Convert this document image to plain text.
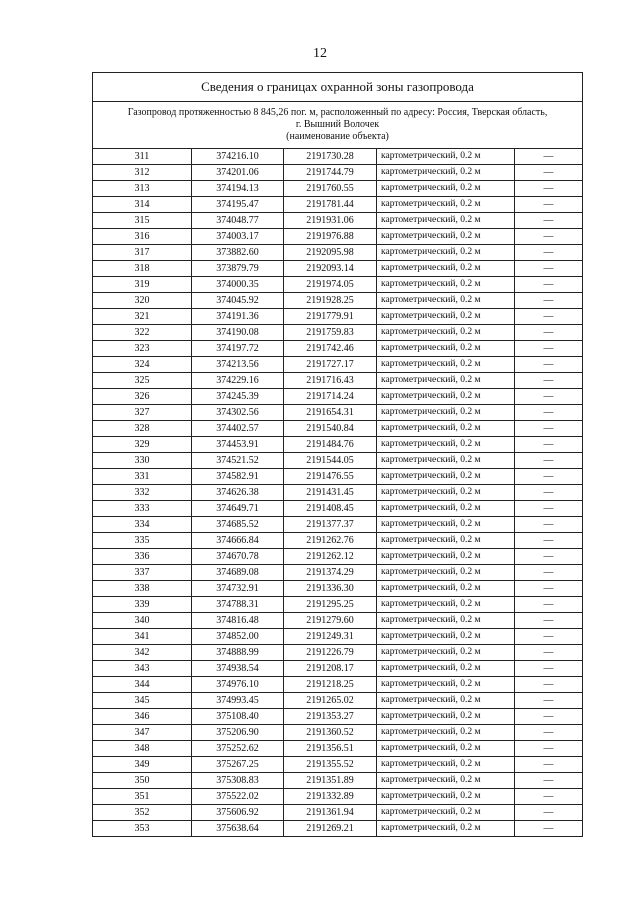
12
Сведения о границах охранной зоны газопровода				

Газопровод протяженностью 8 845,26 пог. м, расположенный по адресу: Россия, Тверская область,
г. Вышний Волочек
(наименование объекта)				

311	374216.10	2191730.28	картометрический, 0.2 м	—
312	374201.06	2191744.79	картометрический, 0.2 м	—
313	374194.13	2191760.55	картометрический, 0.2 м	—
314	374195.47	2191781.44	картометрический, 0.2 м	—
315	374048.77	2191931.06	картометрический, 0.2 м	—
316	374003.17	2191976.88	картометрический, 0.2 м	—
317	373882.60	2192095.98	картометрический, 0.2 м	—
318	373879.79	2192093.14	картометрический, 0.2 м	—
319	374000.35	2191974.05	картометрический, 0.2 м	—
320	374045.92	2191928.25	картометрический, 0.2 м	—
321	374191.36	2191779.91	картометрический, 0.2 м	—
322	374190.08	2191759.83	картометрический, 0.2 м	—
323	374197.72	2191742.46	картометрический, 0.2 м	—
324	374213.56	2191727.17	картометрический, 0.2 м	—
325	374229.16	2191716.43	картометрический, 0.2 м	—
326	374245.39	2191714.24	картометрический, 0.2 м	—
327	374302.56	2191654.31	картометрический, 0.2 м	—
328	374402.57	2191540.84	картометрический, 0.2 м	—
329	374453.91	2191484.76	картометрический, 0.2 м	—
330	374521.52	2191544.05	картометрический, 0.2 м	—
331	374582.91	2191476.55	картометрический, 0.2 м	—
332	374626.38	2191431.45	картометрический, 0.2 м	—
333	374649.71	2191408.45	картометрический, 0.2 м	—
334	374685.52	2191377.37	картометрический, 0.2 м	—
335	374666.84	2191262.76	картометрический, 0.2 м	—
336	374670.78	2191262.12	картометрический, 0.2 м	—
337	374689.08	2191374.29	картометрический, 0.2 м	—
338	374732.91	2191336.30	картометрический, 0.2 м	—
339	374788.31	2191295.25	картометрический, 0.2 м	—
340	374816.48	2191279.60	картометрический, 0.2 м	—
341	374852.00	2191249.31	картометрический, 0.2 м	—
342	374888.99	2191226.79	картометрический, 0.2 м	—
343	374938.54	2191208.17	картометрический, 0.2 м	—
344	374976.10	2191218.25	картометрический, 0.2 м	—
345	374993.45	2191265.02	картометрический, 0.2 м	—
346	375108.40	2191353.27	картометрический, 0.2 м	—
347	375206.90	2191360.52	картометрический, 0.2 м	—
348	375252.62	2191356.51	картометрический, 0.2 м	—
349	375267.25	2191355.52	картометрический, 0.2 м	—
350	375308.83	2191351.89	картометрический, 0.2 м	—
351	375522.02	2191332.89	картометрический, 0.2 м	—
352	375606.92	2191361.94	картометрический, 0.2 м	—
353	375638.64	2191269.21	картометрический, 0.2 м	—
